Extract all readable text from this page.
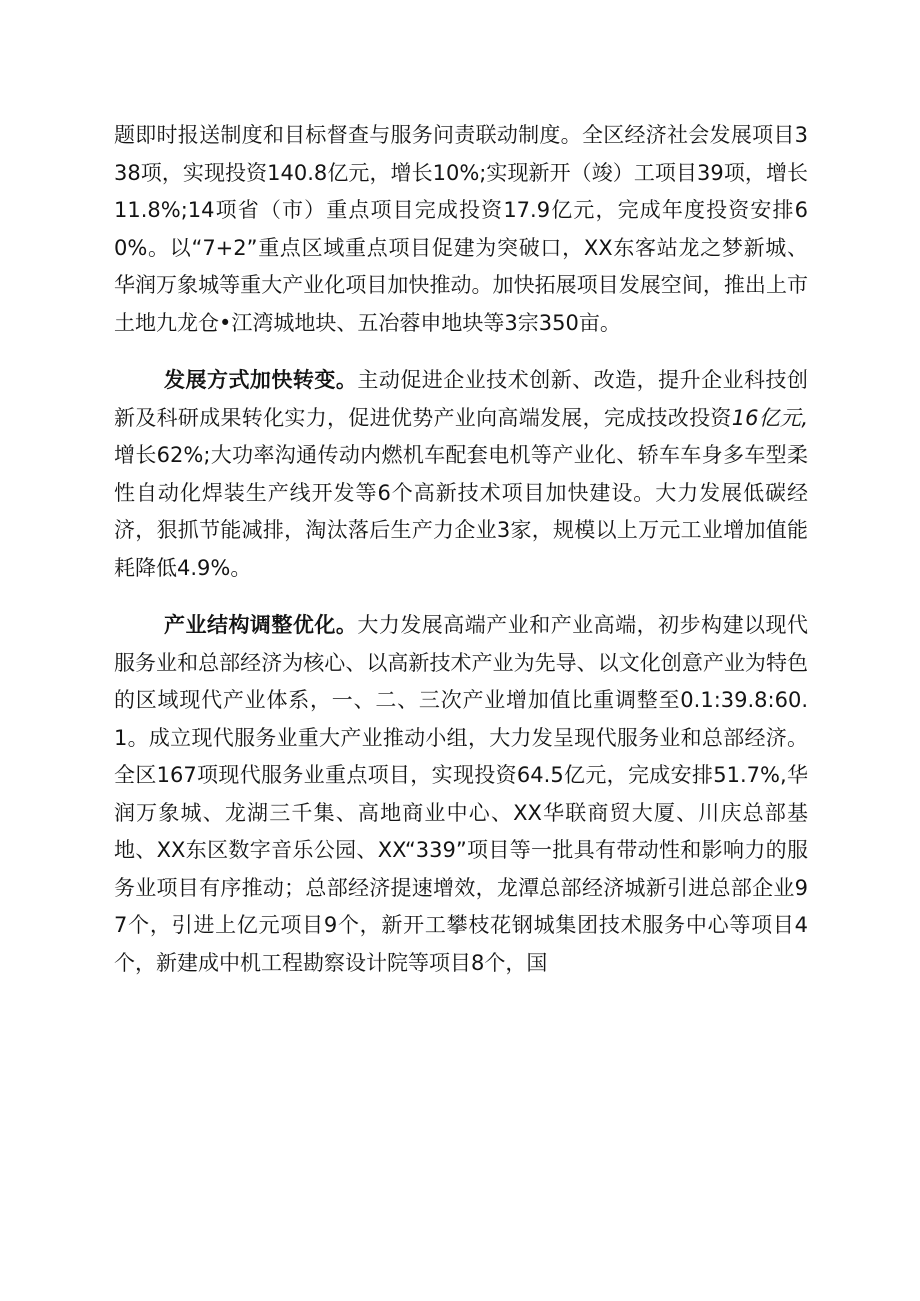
题即时报送制度和目标督查与服务问责联动制度。全区经济社会发展项目338项，实现投资140.8亿元，增长10%;实现新开（竣）工项目39项，增长11.8%;14项省（市）重点项目完成投资17.9亿元，完成年度投资安排60%。以“7+2”重点区域重点项目促建为突破口，XX东客站龙之梦新城、华润万象城等重大产业化项目加快推动。加快拓展项目发展空间，推出上市土地九龙仓•江湾城地块、五冶蓉申地块等3宗350亩。

发展方式加快转变。主动促进企业技术创新、改造，提升企业科技创新及科研成果转化实力，促进优势产业向高端发展，完成技改投资16亿元,增长62%;大功率沟通传动内燃机车配套电机等产业化、轿车车身多车型柔性自动化焊装生产线开发等6个高新技术项目加快建设。大力发展低碳经济，狠抓节能减排，淘汰落后生产力企业3家，规模以上万元工业增加值能耗降低4.9%。

产业结构调整优化。大力发展高端产业和产业高端，初步构建以现代服务业和总部经济为核心、以高新技术产业为先导、以文化创意产业为特色的区域现代产业体系，一、二、三次产业增加值比重调整至0.1:39.8:60.1。成立现代服务业重大产业推动小组，大力发呈现代服务业和总部经济。全区167项现代服务业重点项目，实现投资64.5亿元，完成安排51.7%,华润万象城、龙湖三千集、高地商业中心、XX华联商贸大厦、川庆总部基地、XX东区数字音乐公园、XX“339”项目等一批具有带动性和影响力的服务业项目有序推动；总部经济提速增效，龙潭总部经济城新引进总部企业97个，引进上亿元项目9个，新开工攀枝花钢城集团技术服务中心等项目4个，新建成中机工程勘察设计院等项目8个，国
